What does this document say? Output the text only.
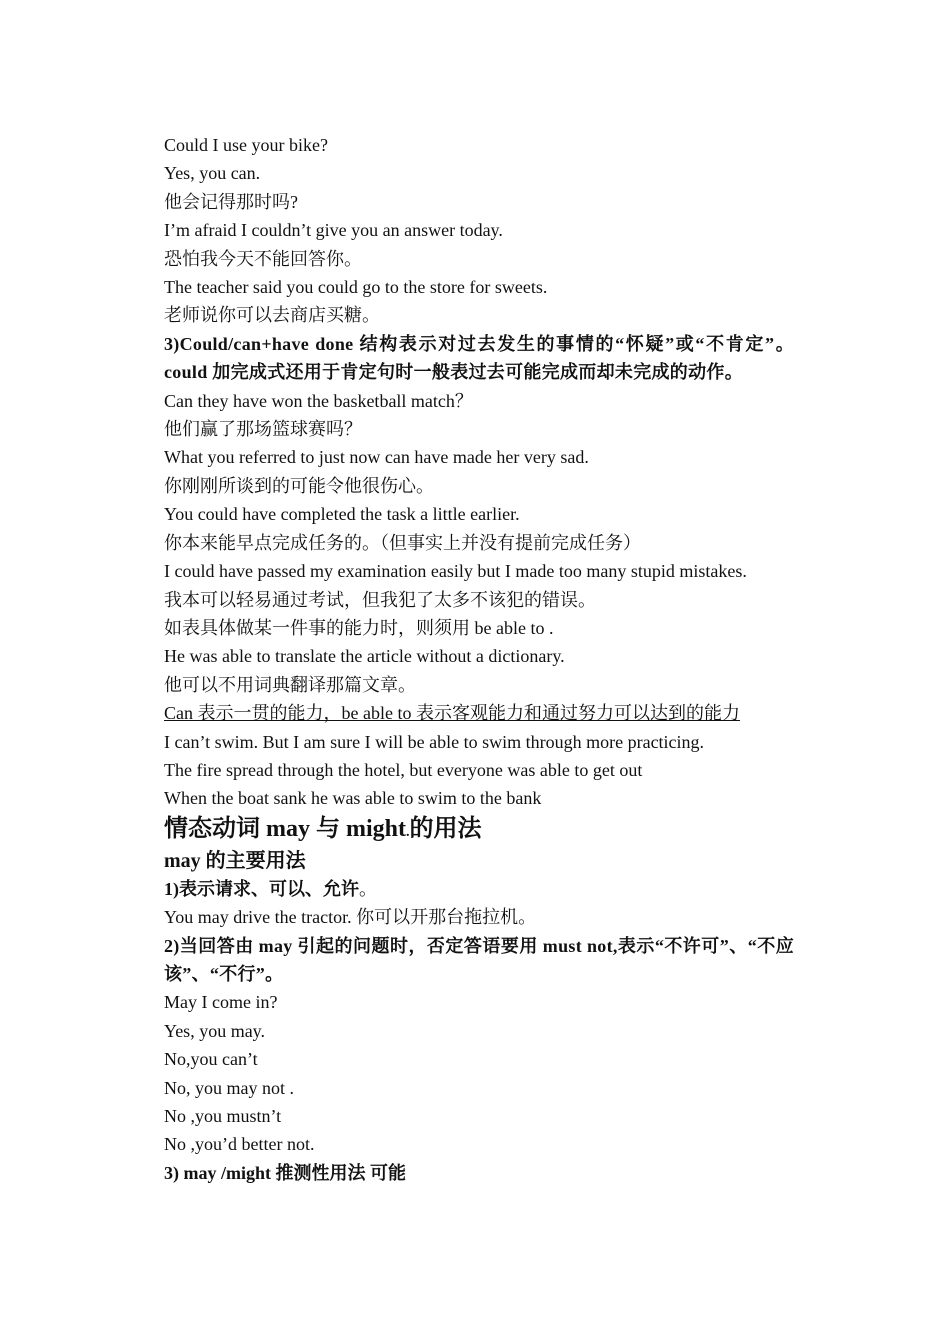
Could I use your bike?
Yes, you can.
他会记得那时吗?
I’m afraid I couldn’t give you an answer today.
恐怕我今天不能回答你。
The teacher said you could go to the store for sweets.
老师说你可以去商店买糖。
3)Could/can+have done 结构表示对过去发生的事情的“怀疑”或“不肯定”。could 加完成式还用于肯定句时一般表过去可能完成而却未完成的动作。
Can they have won the basketball match？
他们赢了那场篮球赛吗？
What you referred to just now can have made her very sad.
你刚刚所谈到的可能令他很伤心。
You could have completed the task a little earlier.
你本来能早点完成任务的。（但事实上并没有提前完成任务）
I could have passed my examination easily but I made too many stupid mistakes.
我本可以轻易通过考试，但我犯了太多不该犯的错误。
如表具体做某一件事的能力时，则须用 be able to .
He was able to translate the article without a dictionary.
他可以不用词典翻译那篇文章。
Can 表示一贯的能力，be able to 表示客观能力和通过努力可以达到的能力
I can’t swim. But I am sure I will be able to swim through more practicing.
The fire spread through the hotel, but everyone was able to get out
When the boat sank he was able to swim to the bank
情态动词 may 与 might.的用法
may 的主要用法
1)表示请求、可以、允许。
You may drive the tractor. 你可以开那台拖拉机。
2)当回答由 may 引起的问题时，否定答语要用 must not,表示“不许可”、“不应该”、“不行”。
May I come in?
Yes, you may.
No,you can’t
No, you may not .
No ,you mustn’t
No ,you’d better not.
3) may /might 推测性用法 可能
